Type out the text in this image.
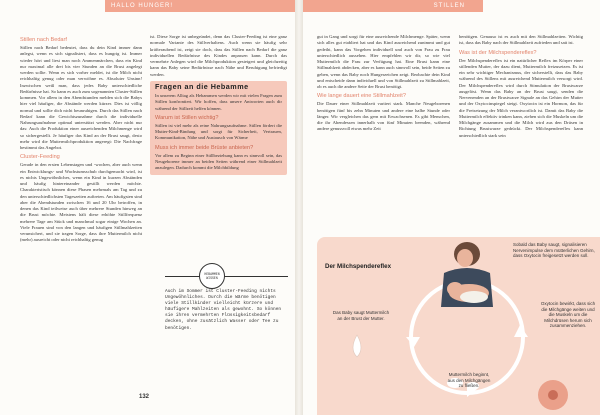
HALLO HUNGER!	STILLEN
Stillen nach Bedarf

Stillen nach Bedarf bedeutet, dass du dein Kind immer dann anlegst, wenn es sich signalisiert, dass es hungrig ist. Immer wieder hört und liest man noch Ammenmärchen, dass ein Kind nur maximal alle drei bis vier Stunden an die Brust angelegt werden sollte. Wenn es sich vorher meldet, ist die Milch nicht reichhaltig genug oder man verwöhne es. Absoluter Unsinn! Inzwischen weiß man, dass jedes Baby unterschiedliche Bedürfnisse hat. So kann es auch zum sogenannten Cluster-Stillen kommen. Vor allem in den Abendstunden melden sich die Babys hier viel häufiger, die Abstände werden kürzer. Dies ist völlig normal und sollte dich nicht beunruhigen. Durch das Stillen nach Bedarf kann die Gewichtszunahme durch die individuelle Nahrungsaufnahme optimal unterstützt werden. Aber nicht nur das: Auch die Produktion einer ausreichenden Milchmenge wird so sichergestellt. Je häufiger das Kind an der Brust saugt, desto mehr wird die Muttermilchproduktion angeregt: Die Nachfrage bestimmt das Angebot.

Cluster-Feeding

Gerade in den ersten Lebenstagen und -wochen, aber auch wenn ein Entwicklungs- und Wachstumsschub durchgemacht wird, ist es nichts Ungewöhnliches, wenn ein Kind in kurzen Abständen und häufig hintereinander gestillt werden möchte. Charakteristisch können diese Phasen mehrmals am Tag und zu den unterschiedlichsten Tageszeiten auftreten. Am häufigsten sind aber die Abendstunden zwischen 16 und 20 Uhr betroffen, in denen das Kind teilweise auch über mehrere Stunden hinweg an die Brust möchte. Meistens hält diese erhöhte Stillfrequenz mehrere Tage am Stück und manchmal sogar einige Wochen an. Viele Frauen sind von den langen und häufigen Stillmahlzeiten verunsichert, und sie tragen Sorge, dass ihre Muttermilch nicht (mehr) ausreicht oder nicht reichhaltig genug

ist. Diese Sorge ist unbegründet, denn das Cluster-Feeding ist eine ganz normale Variante des Stillverhaltens. Auch wenn sie häufig sehr kräfteraubend ist, zeigt sie doch, dass das Stillen nach Bedarf die ganz individuellen Bedürfnisse des Kindes anpassen kann. Durch das vermehrte Anlegen wird die Milchproduktion gesteigert und gleichzeitig kann das Baby seine Bedürfnisse nach Nähe und Beruhigung befriedigt werden.

Fragen an die Hebamme

In unserem Alltag als Hebammen werden wir mit vielen Fragen zum Stillen konfrontiert. Wir hoffen, dass unsere Antworten auch dir während der Stillzeit helfen können.

Warum ist Stillen wichtig?

Stillen ist viel mehr als reine Nahrungsaufnahme. Stillen fördert die Mutter-Kind-Bindung und sorgt für Sicherheit, Vertrauen, Kommunikation, Nähe und Austausch von Wärme

Muss ich immer beide Brüste anbieten?

Vor allem zu Beginn einer Stillbeziehung kann es sinnvoll sein, das Neugeborene immer an beiden Seiten während einer Stillmahlzeit anzulegen. Dadurch kommt die Milchbildung

HEBAMMEN WISSEN
Auch im Sommer ist Cluster-Feeding nichts Ungewöhnliches. Durch die Wärme benötigen viele Stillkinder vielleicht kürzere und häufigere Mahlzeiten als gewohnt. So können sie ihren vermehrten Flüssigkeitsbedarf decken, ohne zusätzlich Wasser oder Tee zu benötigen.
132

gut in Gang und sorgt für eine ausreichende Milchmenge. Später, wenn sich alles gut etabliert hat und das Kind ausreichend zunimmt und gut gedeiht, kann das Vorgehen individuell und auch von Frau zu Frau unterschiedlich aussehen. Hier empfehlen wir dir, so wie viel Muttermilch die Frau zur Verfügung hat. Eine Brust kann eine Stillmahlzeit abdecken, aber es kann auch sinnvoll sein, beide Seiten zu geben, wenn das Baby noch Hungerzeichen zeigt. Beobachte dein Kind und entscheide dann individuell und von Stillmahlzeit zu Stillmahlzeit, ob es auch die andere Seite der Brust benötigt.

Wie lange dauert eine Stillmahlzeit?

Die Dauer einer Stillmahlzeit variiert stark. Manche Neugeborenen benötigen fünf bis zehn Minuten und andere eine halbe Stunde oder länger. Wir vergleichen das gern mit Erwachsenen. Es gibt Menschen, die ihr Abendessen innerhalb von fünf Minuten beenden, während andere genussvoll etwas mehr Zeit

benötigen. Genauso ist es auch mit den Stillmahlzeiten. Wichtig ist, dass das Baby nach der Stillmahlzeit zufrieden und satt ist.

Was ist der Milchspendereflex?

Der Milchspendereflex ist ein natürlicher Reflex im Körper einer stillenden Mutter, der dazu dient, Muttermilch freizusetzen. Es ist ein sehr wichtiger Mechanismus, der sicherstellt, dass das Baby während des Stillens mit ausreichend Muttermilch versorgt wird. Der Milchspendereflex wird durch Stimulation der Brustwarze ausgelöst. Wenn das Baby an der Brust saugt, senden die Nervenenden an der Brustwarze Signale an das Gehirn der Mutter und der Oxytocinspiegel steigt. Oxytocin ist ein Hormon, das für die Freisetzung der Milch verantwortlich ist. Damit das Baby die Muttermilch effektiv trinken kann, ziehen sich die Muskeln um die Milchgänge zusammen und die Milch wird aus den Drüsen in Richtung Brustwarze gedrückt. Der Milchspendereflex kann unterschiedlich stark sein

Der Milchspendereflex
Sobald das Baby saugt, signalisieren Nervenimpulse dem mütterlichen Gehirn, dass Oxytocin freigesetzt werden soll.
Oxytocin bewirkt, dass sich die Milchgänge weiten und die Muskeln um die Milchdrüsen herum sich zusammenziehen.
Muttermilch beginnt, aus den Milchgängen zu fließen.
Das Baby saugt Muttermilch an der Brust der Mutter.
